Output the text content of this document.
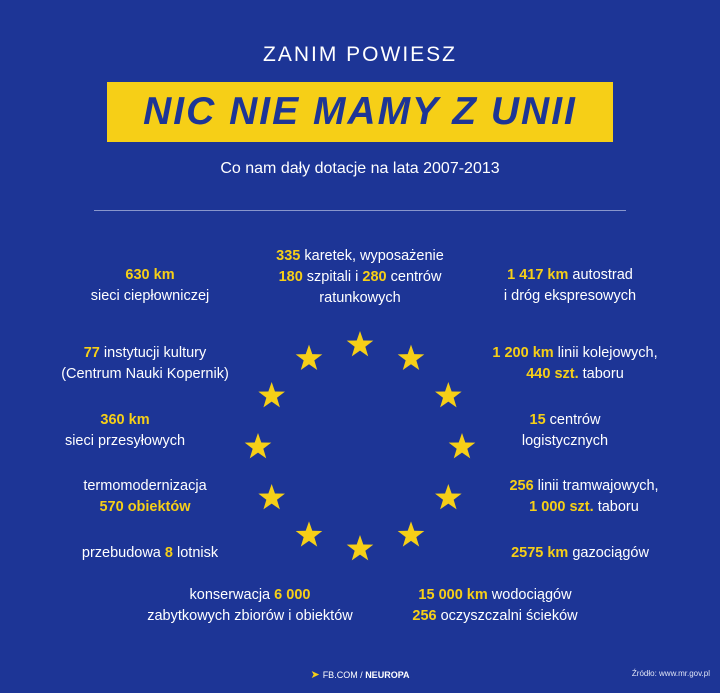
ZANIM POWIESZ
NIC NIE MAMY Z UNII
Co nam dały dotacje na lata 2007-2013
335 karetek, wyposażenie
180 szpitali i 280 centrów
ratunkowych
630 km
sieci ciepłowniczej
77 instytucji kultury
(Centrum Nauki Kopernik)
360 km
sieci przesyłowych
termomodernizacja
570 obiektów
przebudowa 8 lotnisk
1 417 km autostrad
i dróg ekspresowych
1 200 km linii kolejowych,
440 szt. taboru
15 centrów
logistycznych
256 linii tramwajowych,
1 000 szt. taboru
2575 km gazociągów
konserwacja 6 000
zabytkowych zbiorów i obiektów
15 000 km wodociągów
256 oczyszczalni ścieków
➤ FB.COM / NEUROPA	Źródło: www.mr.gov.pl
